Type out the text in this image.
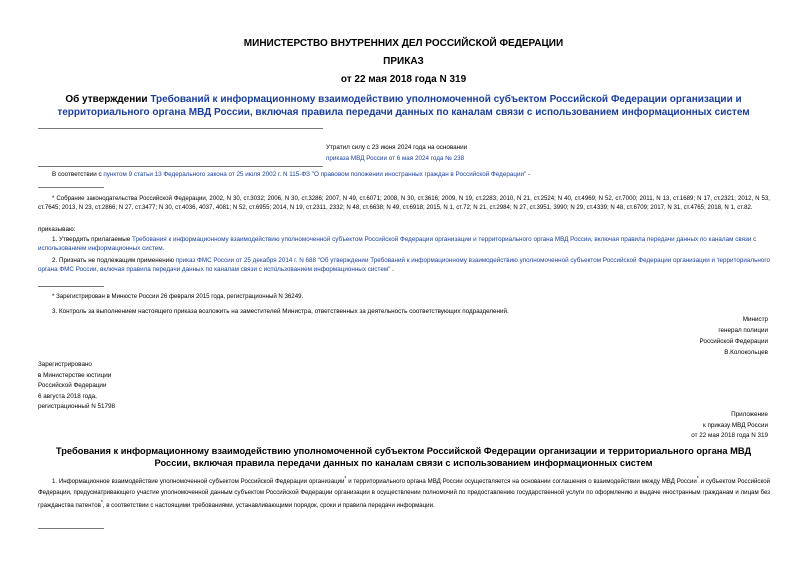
МИНИСТЕРСТВО ВНУТРЕННИХ ДЕЛ РОССИЙСКОЙ ФЕДЕРАЦИИ
ПРИКАЗ
от 22 мая 2018 года N 319
Об утверждении Требований к информационному взаимодействию уполномоченной субъектом Российской Федерации организации и территориального органа МВД России, включая правила передачи данных по каналам связи с использованием информационных систем
Утратил силу с 23 июня 2024 года на основании
приказа МВД России от 6 мая 2024 года № 238
В соответствии с пунктом 9 статьи 13 Федерального закона от 25 июля 2002 г. N 115-ФЗ "О правовом положении иностранных граждан в Российской Федерации" -
* Собрание законодательства Российской Федерации, 2002, N 30, ст.3032; 2006, N 30, ст.3286; 2007, N 49, ст.6071; 2008, N 30, ст.3616; 2009, N 19, ст.2283; 2010, N 21, ст.2524; N 40, ст.4969; N 52, ст.7000; 2011, N 13, ст.1689; N 17, ст.2321; 2012, N 53, ст.7645; 2013, N 23, ст.2866; N 27, ст.3477; N 30, ст.4036, 4037, 4081; N 52, ст.6955; 2014, N 19, ст.2311, 2332; N 48, ст.6638; N 49, ст.6918; 2015, N 1, ст.72; N 21, ст.2984; N 27, ст.3951, 3990; N 29, ст.4339; N 48, ст.6709; 2017, N 31, ст.4765; 2018, N 1, ст.82.
приказываю:
1. Утвердить прилагаемые Требования к информационному взаимодействию уполномоченной субъектом Российской Федерации организации и территориального органа МВД России, включая правила передачи данных по каналам связи с использованием информационных систем.
2. Признать не подлежащим применению приказ ФМС России от 25 декабря 2014 г. N 688 "Об утверждении Требований к информационному взаимодействию уполномоченной субъектом Российской Федерации организации и территориального органа ФМС России, включая правила передачи данных по каналам связи с использованием информационных систем" .
* Зарегистрирован в Минюсте России 26 февраля 2015 года, регистрационный N 36249.
3. Контроль за выполнением настоящего приказа возложить на заместителей Министра, ответственных за деятельность соответствующих подразделений.
Министр
генерал полиции
Российской Федерации
В.Колокольцев
Зарегистрировано
в Министерстве юстиции
Российской Федерации
6 августа 2018 года,
регистрационный N 51798
Приложение
к приказу МВД России
от 22 мая 2018 года N 319
Требования к информационному взаимодействию уполномоченной субъектом Российской Федерации организации и территориального органа МВД России, включая правила передачи данных по каналам связи с использованием информационных систем
1. Информационное взаимодействие уполномоченной субъектом Российской Федерации организации* и территориального органа МВД России осуществляется на основании соглашения о взаимодействии между МВД России* и субъектом Российской Федерации, предусматривающего участие уполномоченной данным субъектом Российской Федерации организации в осуществлении полномочий по предоставлению государственной услуги по оформлению и выдаче иностранным гражданам и лицам без гражданства патентов*, в соответствии с настоящими требованиями, устанавливающими порядок, сроки и правила передачи информации.
